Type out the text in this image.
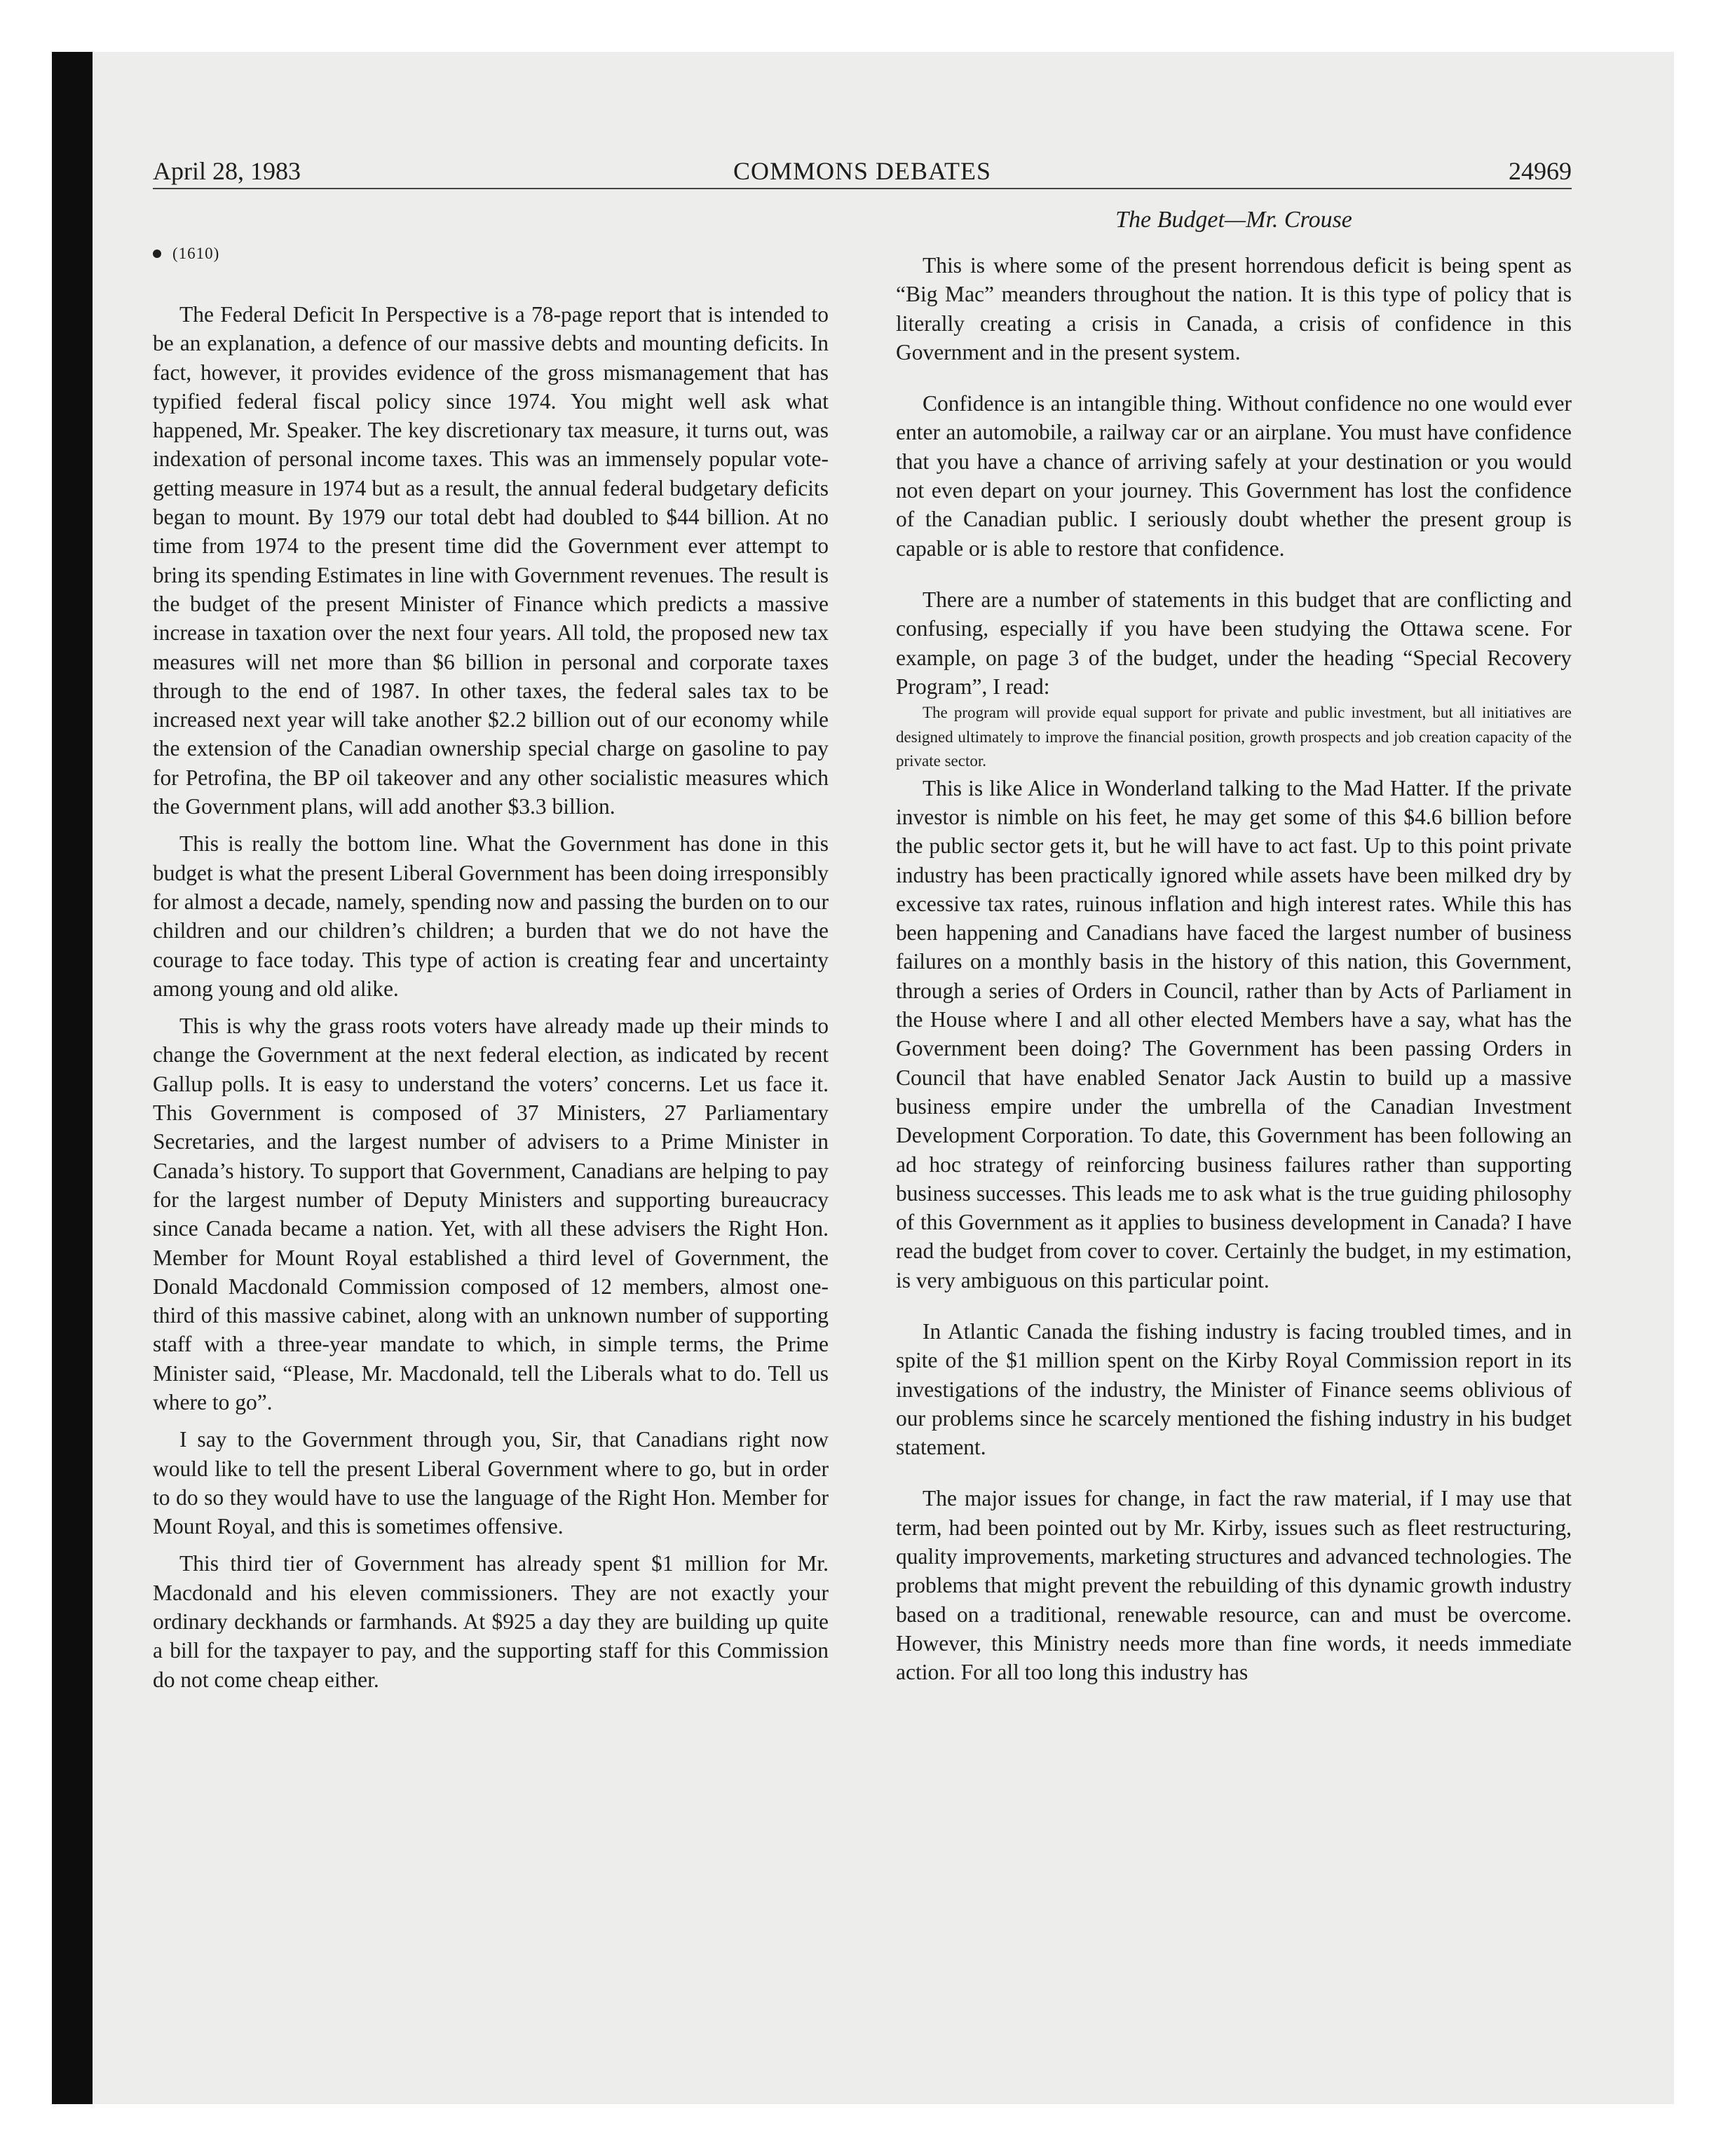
April 28, 1983	COMMONS DEBATES	24969
The Budget—Mr. Crouse
(1610)

The Federal Deficit In Perspective is a 78-page report that is intended to be an explanation, a defence of our massive debts and mounting deficits. In fact, however, it provides evidence of the gross mismanagement that has typified federal fiscal policy since 1974. You might well ask what happened, Mr. Speaker. The key discretionary tax measure, it turns out, was indexation of personal income taxes. This was an immensely popular vote-getting measure in 1974 but as a result, the annual federal budgetary deficits began to mount. By 1979 our total debt had doubled to $44 billion. At no time from 1974 to the present time did the Government ever attempt to bring its spending Estimates in line with Government revenues. The result is the budget of the present Minister of Finance which predicts a massive increase in taxation over the next four years. All told, the proposed new tax measures will net more than $6 billion in personal and corporate taxes through to the end of 1987. In other taxes, the federal sales tax to be increased next year will take another $2.2 billion out of our economy while the extension of the Canadian ownership special charge on gasoline to pay for Petrofina, the BP oil takeover and any other socialistic measures which the Government plans, will add another $3.3 billion.

This is really the bottom line. What the Government has done in this budget is what the present Liberal Government has been doing irresponsibly for almost a decade, namely, spending now and passing the burden on to our children and our children’s children; a burden that we do not have the courage to face today. This type of action is creating fear and uncertainty among young and old alike.

This is why the grass roots voters have already made up their minds to change the Government at the next federal election, as indicated by recent Gallup polls. It is easy to understand the voters’ concerns. Let us face it. This Government is composed of 37 Ministers, 27 Parliamentary Secretaries, and the largest number of advisers to a Prime Minister in Canada’s history. To support that Government, Canadians are helping to pay for the largest number of Deputy Ministers and supporting bureaucracy since Canada became a nation. Yet, with all these advisers the Right Hon. Member for Mount Royal established a third level of Government, the Donald Macdonald Commission composed of 12 members, almost one-third of this massive cabinet, along with an unknown number of supporting staff with a three-year mandate to which, in simple terms, the Prime Minister said, “Please, Mr. Macdonald, tell the Liberals what to do. Tell us where to go”.

I say to the Government through you, Sir, that Canadians right now would like to tell the present Liberal Government where to go, but in order to do so they would have to use the language of the Right Hon. Member for Mount Royal, and this is sometimes offensive.

This third tier of Government has already spent $1 million for Mr. Macdonald and his eleven commissioners. They are not exactly your ordinary deckhands or farmhands. At $925 a day they are building up quite a bill for the taxpayer to pay, and the supporting staff for this Commission do not come cheap either.

This is where some of the present horrendous deficit is being spent as “Big Mac” meanders throughout the nation. It is this type of policy that is literally creating a crisis in Canada, a crisis of confidence in this Government and in the present system.

Confidence is an intangible thing. Without confidence no one would ever enter an automobile, a railway car or an airplane. You must have confidence that you have a chance of arriving safely at your destination or you would not even depart on your journey. This Government has lost the confidence of the Canadian public. I seriously doubt whether the present group is capable or is able to restore that confidence.

There are a number of statements in this budget that are conflicting and confusing, especially if you have been studying the Ottawa scene. For example, on page 3 of the budget, under the heading “Special Recovery Program”, I read:

The program will provide equal support for private and public investment, but all initiatives are designed ultimately to improve the financial position, growth prospects and job creation capacity of the private sector.

This is like Alice in Wonderland talking to the Mad Hatter. If the private investor is nimble on his feet, he may get some of this $4.6 billion before the public sector gets it, but he will have to act fast. Up to this point private industry has been practically ignored while assets have been milked dry by excessive tax rates, ruinous inflation and high interest rates. While this has been happening and Canadians have faced the largest number of business failures on a monthly basis in the history of this nation, this Government, through a series of Orders in Council, rather than by Acts of Parliament in the House where I and all other elected Members have a say, what has the Government been doing? The Government has been passing Orders in Council that have enabled Senator Jack Austin to build up a massive business empire under the umbrella of the Canadian Investment Development Corporation. To date, this Government has been following an ad hoc strategy of reinforcing business failures rather than supporting business successes. This leads me to ask what is the true guiding philosophy of this Government as it applies to business development in Canada? I have read the budget from cover to cover. Certainly the budget, in my estimation, is very ambiguous on this particular point.

In Atlantic Canada the fishing industry is facing troubled times, and in spite of the $1 million spent on the Kirby Royal Commission report in its investigations of the industry, the Minister of Finance seems oblivious of our problems since he scarcely mentioned the fishing industry in his budget statement.

The major issues for change, in fact the raw material, if I may use that term, had been pointed out by Mr. Kirby, issues such as fleet restructuring, quality improvements, marketing structures and advanced technologies. The problems that might prevent the rebuilding of this dynamic growth industry based on a traditional, renewable resource, can and must be overcome. However, this Ministry needs more than fine words, it needs immediate action. For all too long this industry has
